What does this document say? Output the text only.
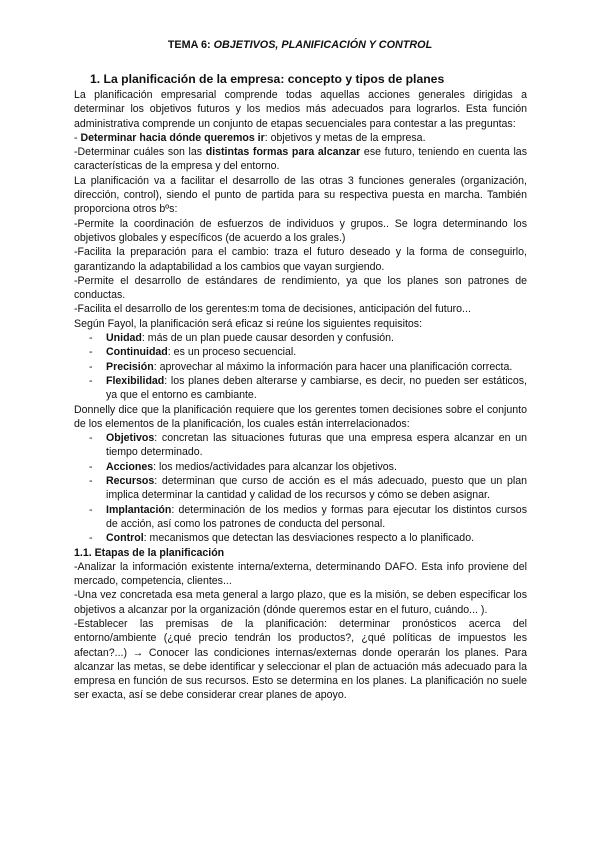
TEMA 6: OBJETIVOS, PLANIFICACIÓN Y CONTROL
1. La planificación de la empresa: concepto y tipos de planes

La planificación empresarial comprende todas aquellas acciones generales dirigidas a determinar los objetivos futuros y los medios más adecuados para lograrlos. Esta función administrativa comprende un conjunto de etapas secuenciales para contestar a las preguntas:

- Determinar hacia dónde queremos ir: objetivos y metas de la empresa.

-Determinar cuáles son las distintas formas para alcanzar ese futuro, teniendo en cuenta las características de la empresa y del entorno.

La planificación va a facilitar el desarrollo de las otras 3 funciones generales (organización, dirección, control), siendo el punto de partida para su respectiva puesta en marcha. También proporciona otros bºs:

-Permite la coordinación de esfuerzos de individuos y grupos.. Se logra determinando los objetivos globales y específicos (de acuerdo a los grales.)

-Facilita la preparación para el cambio: traza el futuro deseado y la forma de conseguirlo, garantizando la adaptabilidad a los cambios que vayan surgiendo.

-Permite el desarrollo de estándares de rendimiento, ya que los planes son patrones de conductas.

-Facilita el desarrollo de los gerentes:m toma de decisiones, anticipación del futuro...

Según Fayol, la planificación será eficaz si reúne los siguientes requisitos:

- Unidad: más de un plan puede causar desorden y confusión.
- Continuidad: es un proceso secuencial.
- Precisión: aprovechar al máximo la información para hacer una planificación correcta.
- Flexibilidad: los planes deben alterarse y cambiarse, es decir, no pueden ser estáticos, ya que el entorno es cambiante.

Donnelly dice que la planificación requiere que los gerentes tomen decisiones sobre el conjunto de los elementos de la planificación, los cuales están interrelacionados:

- Objetivos: concretan las situaciones futuras que una empresa espera alcanzar en un tiempo determinado.
- Acciones: los medios/actividades para alcanzar los objetivos.
- Recursos: determinan que curso de acción es el más adecuado, puesto que un plan implica determinar la cantidad y calidad de los recursos y cómo se deben asignar.
- Implantación: determinación de los medios y formas para ejecutar los distintos cursos de acción, así como los patrones de conducta del personal.
- Control: mecanismos que detectan las desviaciones respecto a lo planificado.

1.1. Etapas de la planificación

-Analizar la información existente interna/externa, determinando DAFO. Esta info proviene del mercado, competencia, clientes...

-Una vez concretada esa meta general a largo plazo, que es la misión, se deben especificar los objetivos a alcanzar por la organización (dónde queremos estar en el futuro, cuándo... ).

-Establecer las premisas de la planificación: determinar pronósticos acerca del entorno/ambiente (¿qué precio tendrán los productos?, ¿qué políticas de impuestos les afectan?...) → Conocer las condiciones internas/externas donde operarán los planes. Para alcanzar las metas, se debe identificar y seleccionar el plan de actuación más adecuado para la empresa en función de sus recursos. Esto se determina en los planes. La planificación no suele ser exacta, así se debe considerar crear planes de apoyo.
